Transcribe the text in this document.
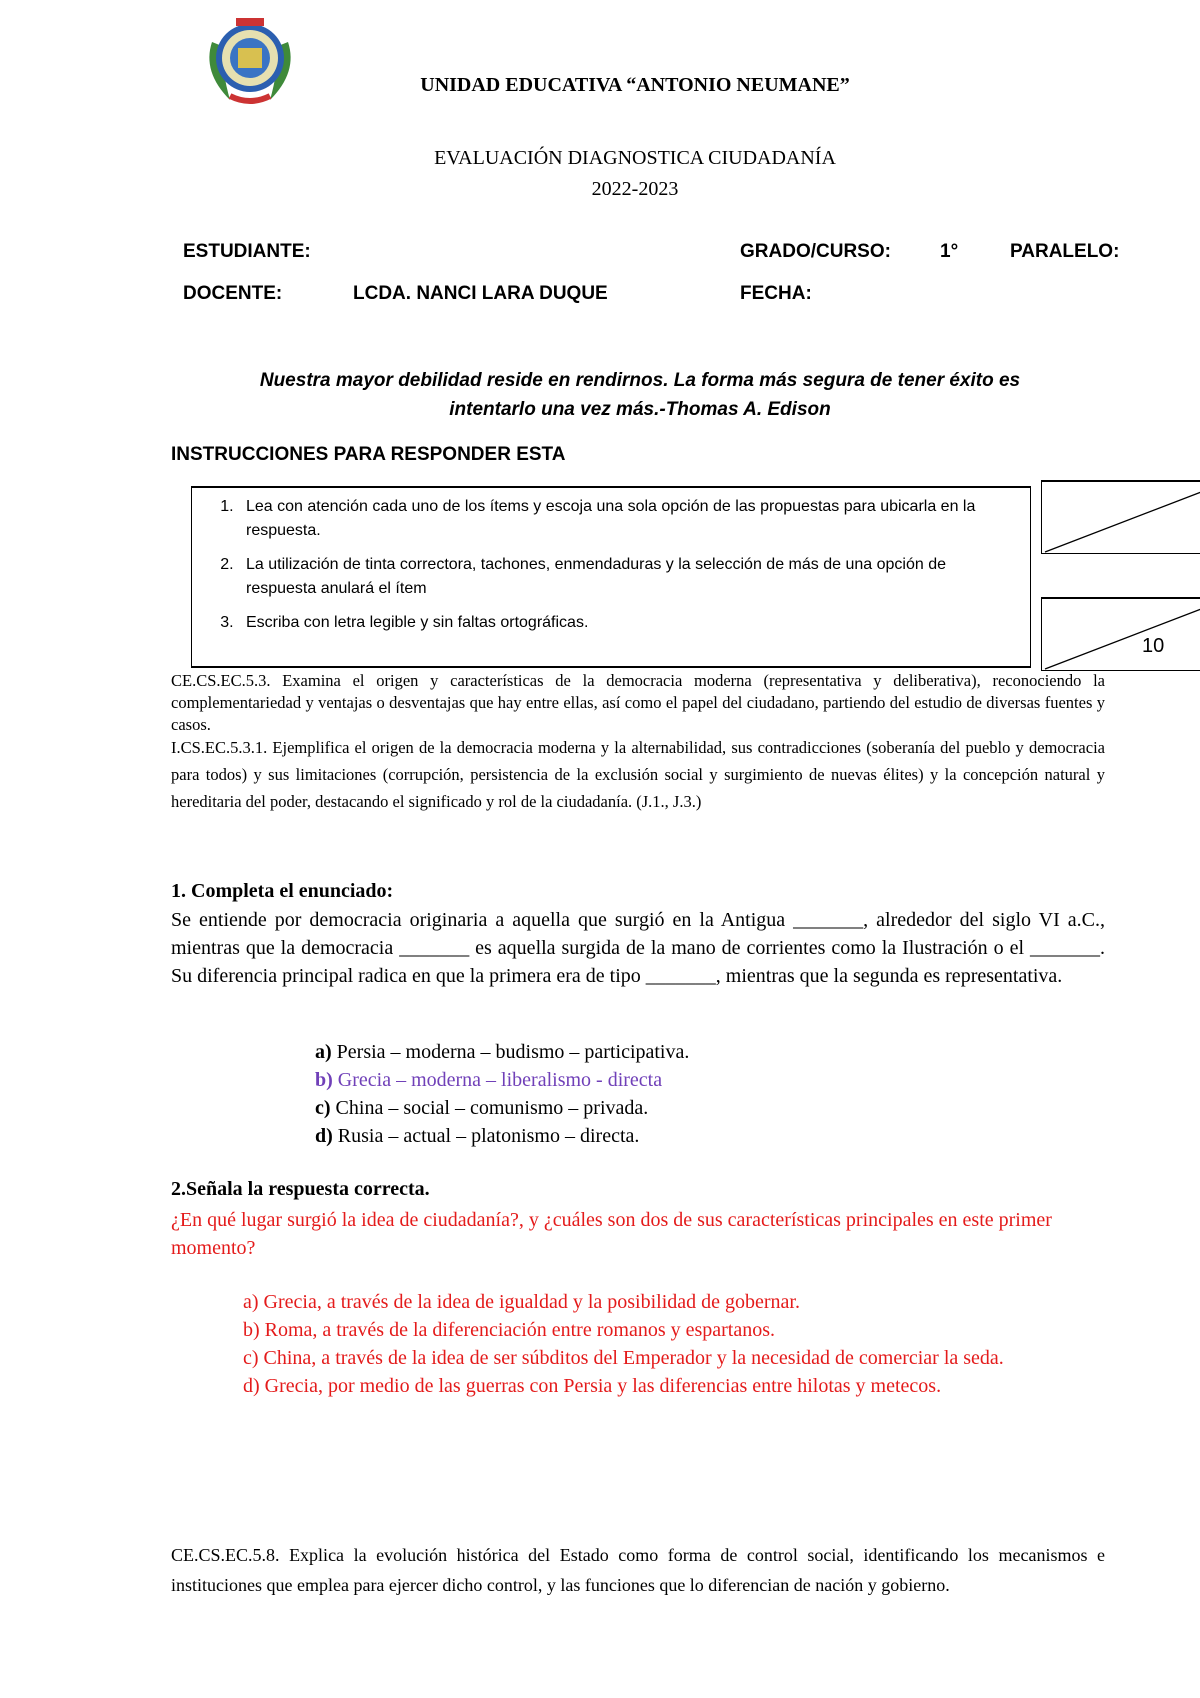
UNIDAD EDUCATIVA “ANTONIO NEUMANE”
EVALUACIÓN DIAGNOSTICA CIUDADANÍA
2022-2023
ESTUDIANTE:	GRADO/CURSO:	1°	PARALELO:
DOCENTE:	LCDA. NANCI LARA DUQUE	FECHA:
Nuestra mayor debilidad reside en rendirnos. La forma más segura de tener éxito es
intentarlo una vez más.-Thomas A. Edison
INSTRUCCIONES PARA RESPONDER ESTA
1. Lea con atención cada uno de los ítems y escoja una sola opción de las propuestas para ubicarla en la respuesta.
2. La utilización de tinta correctora, tachones, enmendaduras y la selección de más de una opción de respuesta anulará el ítem
3. Escriba con letra legible y sin faltas ortográficas.
10
CE.CS.EC.5.3. Examina el origen y características de la democracia moderna (representativa y deliberativa), reconociendo la complementariedad y ventajas o desventajas que hay entre ellas, así como el papel del ciudadano, partiendo del estudio de diversas fuentes y casos.
I.CS.EC.5.3.1. Ejemplifica el origen de la democracia moderna y la alternabilidad, sus contradicciones (soberanía del pueblo y democracia para todos) y sus limitaciones (corrupción, persistencia de la exclusión social y surgimiento de nuevas élites) y la concepción natural y hereditaria del poder, destacando el significado y rol de la ciudadanía. (J.1., J.3.)
1. Completa el enunciado:
Se entiende por democracia originaria a aquella que surgió en la Antigua _______, alrededor del siglo VI a.C., mientras que la democracia _______ es aquella surgida de la mano de corrientes como la Ilustración o el _______. Su diferencia principal radica en que la primera era de tipo _______, mientras que la segunda es representativa.
a) Persia – moderna – budismo – participativa.
b) Grecia – moderna – liberalismo - directa
c) China – social – comunismo – privada.
d) Rusia – actual – platonismo – directa.
2.Señala la respuesta correcta.
¿En qué lugar surgió la idea de ciudadanía?, y ¿cuáles son dos de sus características principales en este primer momento?
a) Grecia, a través de la idea de igualdad y la posibilidad de gobernar.
b) Roma, a través de la diferenciación entre romanos y espartanos.
c) China, a través de la idea de ser súbditos del Emperador y la necesidad de comerciar la seda.
d) Grecia, por medio de las guerras con Persia y las diferencias entre hilotas y metecos.
CE.CS.EC.5.8. Explica la evolución histórica del Estado como forma de control social, identificando los mecanismos e instituciones que emplea para ejercer dicho control, y las funciones que lo diferencian de nación y gobierno.
